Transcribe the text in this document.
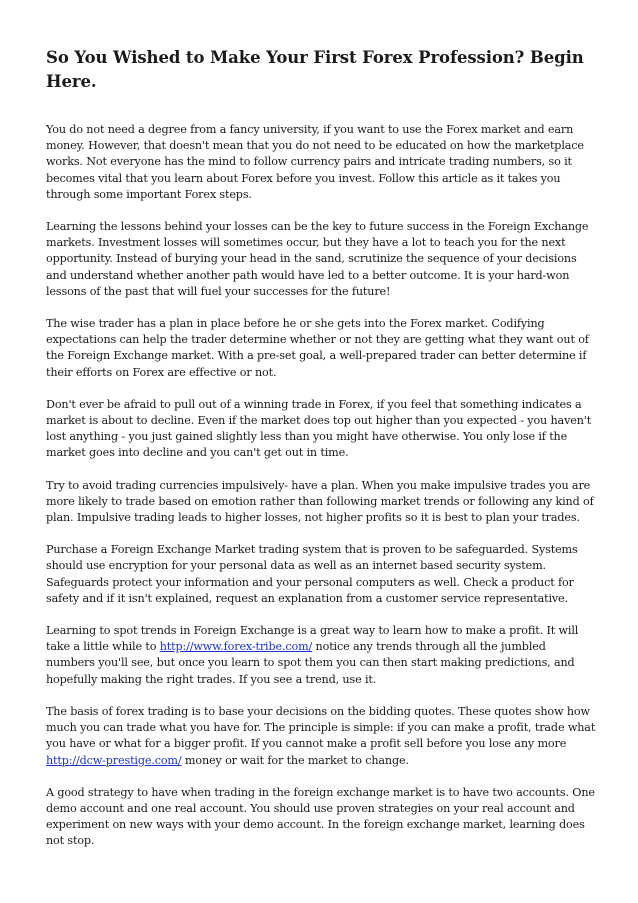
So You Wished to Make Your First Forex Profession? Begin Here.

You do not need a degree from a fancy university, if you want to use the Forex market and earn money. However, that doesn't mean that you do not need to be educated on how the marketplace works. Not everyone has the mind to follow currency pairs and intricate trading numbers, so it becomes vital that you learn about Forex before you invest. Follow this article as it takes you through some important Forex steps.

Learning the lessons behind your losses can be the key to future success in the Foreign Exchange markets. Investment losses will sometimes occur, but they have a lot to teach you for the next opportunity. Instead of burying your head in the sand, scrutinize the sequence of your decisions and understand whether another path would have led to a better outcome. It is your hard-won lessons of the past that will fuel your successes for the future!

The wise trader has a plan in place before he or she gets into the Forex market. Codifying expectations can help the trader determine whether or not they are getting what they want out of the Foreign Exchange market. With a pre-set goal, a well-prepared trader can better determine if their efforts on Forex are effective or not.

Don't ever be afraid to pull out of a winning trade in Forex, if you feel that something indicates a market is about to decline. Even if the market does top out higher than you expected - you haven't lost anything - you just gained slightly less than you might have otherwise. You only lose if the market goes into decline and you can't get out in time.

Try to avoid trading currencies impulsively- have a plan. When you make impulsive trades you are more likely to trade based on emotion rather than following market trends or following any kind of plan. Impulsive trading leads to higher losses, not higher profits so it is best to plan your trades.

Purchase a Foreign Exchange Market trading system that is proven to be safeguarded. Systems should use encryption for your personal data as well as an internet based security system. Safeguards protect your information and your personal computers as well. Check a product for safety and if it isn't explained, request an explanation from a customer service representative.

Learning to spot trends in Foreign Exchange is a great way to learn how to make a profit. It will take a little while to http://www.forex-tribe.com/ notice any trends through all the jumbled numbers you'll see, but once you learn to spot them you can then start making predictions, and hopefully making the right trades. If you see a trend, use it.

The basis of forex trading is to base your decisions on the bidding quotes. These quotes show how much you can trade what you have for. The principle is simple: if you can make a profit, trade what you have or what for a bigger profit. If you cannot make a profit sell before you lose any more http://dcw-prestige.com/ money or wait for the market to change.

A good strategy to have when trading in the foreign exchange market is to have two accounts. One demo account and one real account. You should use proven strategies on your real account and experiment on new ways with your demo account. In the foreign exchange market, learning does not stop.
